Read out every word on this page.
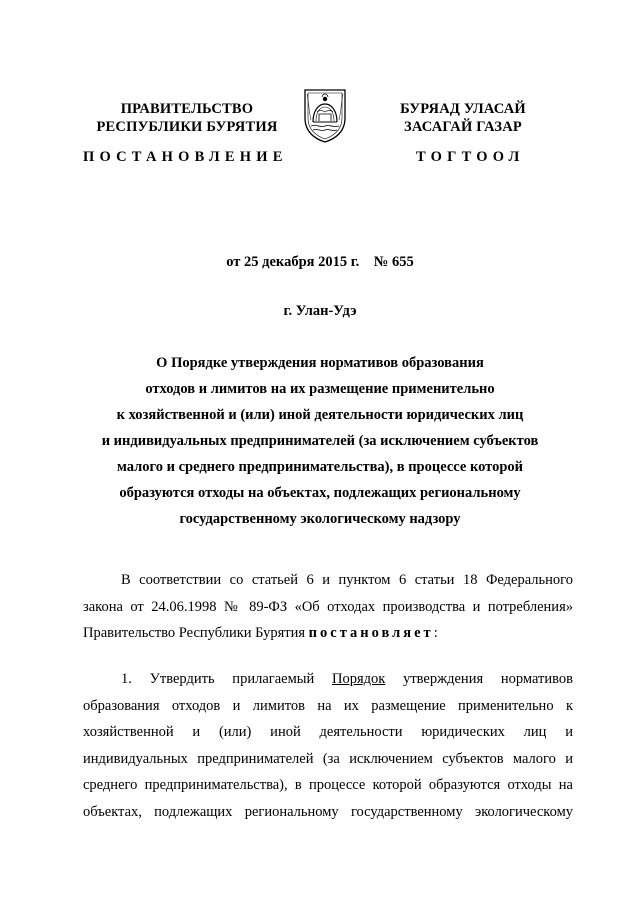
ПРАВИТЕЛЬСТВО
РЕСПУБЛИКИ БУРЯТИЯ
БУРЯАД УЛАСАЙ
ЗАСАГАЙ ГАЗАР
ПОСТАНОВЛЕНИЕ	ТОГТООЛ
от 25 декабря 2015 г.    № 655
г. Улан-Удэ
О Порядке утверждения нормативов образования
отходов и лимитов на их размещение применительно
к хозяйственной и (или) иной деятельности юридических лиц
и индивидуальных предпринимателей (за исключением субъектов
малого и среднего предпринимательства), в процессе которой
образуются отходы на объектах, подлежащих региональному
государственному экологическому надзору
В соответствии со статьей 6 и пунктом 6 статьи 18 Федерального
закона от 24.06.1998 № 89-ФЗ «Об отходах производства и потребления»
Правительство Республики Бурятия постановляет:
1. Утвердить прилагаемый Порядок утверждения нормативов
образования отходов и лимитов на их размещение применительно к
хозяйственной и (или) иной деятельности юридических лиц и
индивидуальных предпринимателей (за исключением субъектов малого и
среднего предпринимательства), в процессе которой образуются отходы на
объектах, подлежащих региональному государственному экологическому
